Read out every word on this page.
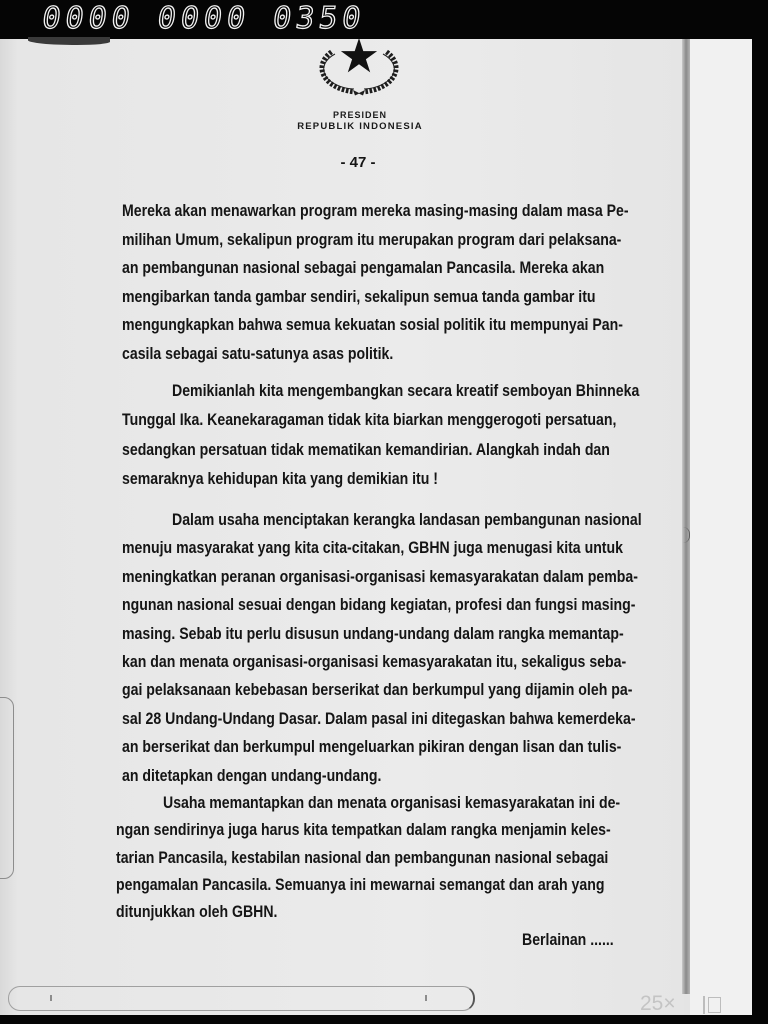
0000 0000 0350
25×
PRESIDEN
REPUBLIK INDONESIA
- 47 -
Mereka akan menawarkan program mereka masing-masing dalam masa Pe-
milihan Umum, sekalipun program itu merupakan program dari pelaksana-
an pembangunan nasional sebagai pengamalan Pancasila. Mereka akan
mengibarkan tanda gambar sendiri, sekalipun semua tanda gambar itu
mengungkapkan bahwa semua kekuatan sosial politik itu mempunyai Pan-
casila sebagai satu-satunya asas politik.
Demikianlah kita mengembangkan secara kreatif semboyan Bhinneka
Tunggal Ika. Keanekaragaman tidak kita biarkan menggerogoti persatuan,
sedangkan persatuan tidak mematikan kemandirian. Alangkah indah dan
semaraknya kehidupan kita yang demikian itu !
Dalam usaha menciptakan kerangka landasan pembangunan nasional
menuju masyarakat yang kita cita-citakan, GBHN juga menugasi kita untuk
meningkatkan peranan organisasi-organisasi kemasyarakatan dalam pemba-
ngunan nasional sesuai dengan bidang kegiatan, profesi dan fungsi masing-
masing. Sebab itu perlu disusun undang-undang dalam rangka memantap-
kan dan menata organisasi-organisasi kemasyarakatan itu, sekaligus seba-
gai pelaksanaan kebebasan berserikat dan berkumpul yang dijamin oleh pa-
sal 28 Undang-Undang Dasar. Dalam pasal ini ditegaskan bahwa kemerdeka-
an berserikat dan berkumpul mengeluarkan pikiran dengan lisan dan tulis-
an ditetapkan dengan undang-undang.
Usaha memantapkan dan menata organisasi kemasyarakatan ini de-
ngan sendirinya juga harus kita tempatkan dalam rangka menjamin keles-
tarian Pancasila, kestabilan nasional dan pembangunan nasional sebagai
pengamalan Pancasila. Semuanya ini mewarnai semangat dan arah yang
ditunjukkan oleh GBHN.
Berlainan ......
